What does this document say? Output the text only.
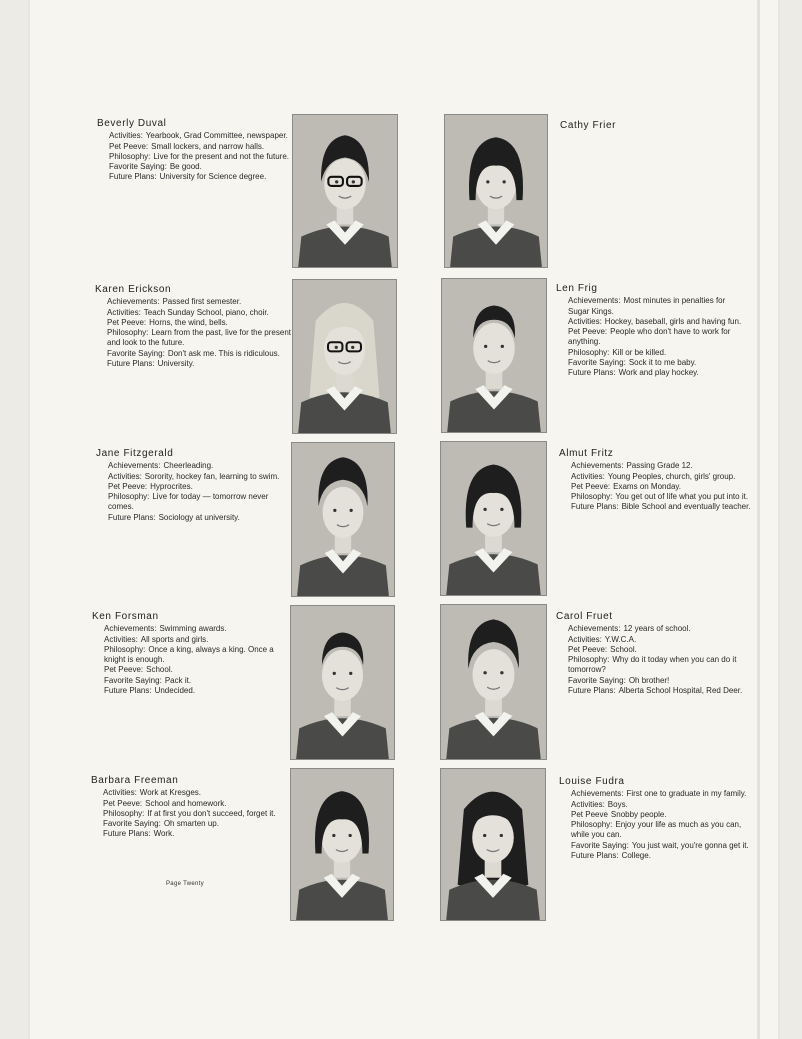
Beverly Duval
Activities: Yearbook, Grad Committee, newspaper.
Pet Peeve: Small lockers, and narrow halls.
Philosophy: Live for the present and not the future.
Favorite Saying: Be good.
Future Plans: University for Science degree.
Karen Erickson
Achievements: Passed first semester.
Activities: Teach Sunday School, piano, choir.
Pet Peeve: Horns, the wind, bells.
Philosophy: Learn from the past, live for the present and look to the future.
Favorite Saying: Don't ask me. This is ridiculous.
Future Plans: University.
Jane Fitzgerald
Achievements: Cheerleading.
Activities: Sorority, hockey fan, learning to swim.
Pet Peeve: Hyprocrites.
Philosophy: Live for today — tomorrow never comes.
Future Plans: Sociology at university.
Ken Forsman
Achievements: Swimming awards.
Activities: All sports and girls.
Philosophy: Once a king, always a king. Once a knight is enough.
Pet Peeve: School.
Favorite Saying: Pack it.
Future Plans: Undecided.
Barbara Freeman
Activities: Work at Kresges.
Pet Peeve: School and homework.
Philosophy: If at first you don't succeed, forget it.
Favorite Saying: Oh smarten up.
Future Plans: Work.
Cathy Frier
Len Frig
Achievements: Most minutes in penalties for Sugar Kings.
Activities: Hockey, baseball, girls and having fun.
Pet Peeve: People who don't have to work for anything.
Philosophy: Kill or be killed.
Favorite Saying: Sock it to me baby.
Future Plans: Work and play hockey.
Almut Fritz
Achievements: Passing Grade 12.
Activities: Young Peoples, church, girls' group.
Pet Peeve: Exams on Monday.
Philosophy: You get out of life what you put into it.
Future Plans: Bible School and eventually teacher.
Carol Fruet
Achievements: 12 years of school.
Activities: Y.W.C.A.
Pet Peeve: School.
Philosophy: Why do it today when you can do it tomorrow?
Favorite Saying: Oh brother!
Future Plans: Alberta School Hospital, Red Deer.
Louise Fudra
Achievements: First one to graduate in my family.
Activities: Boys.
Pet Peeve Snobby people.
Philosophy: Enjoy your life as much as you can, while you can.
Favorite Saying: You just wait, you're gonna get it.
Future Plans: College.
Page Twenty
